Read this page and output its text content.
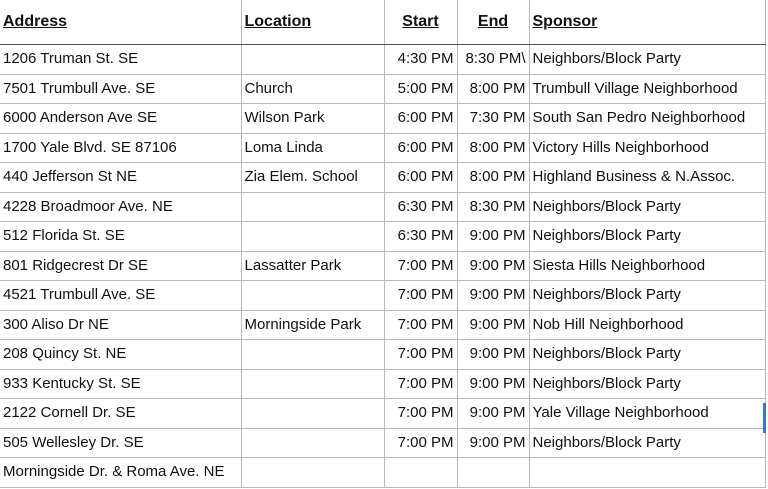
Address	Location	Start	End	Sponsor
1206 Truman St. SE		4:30 PM	8:30 PM\	Neighbors/Block Party
7501 Trumbull Ave. SE	Church	5:00 PM	8:00 PM	Trumbull Village Neighborhood
6000 Anderson Ave SE	Wilson Park	6:00 PM	7:30 PM	South San Pedro Neighborhood
1700 Yale Blvd. SE 87106	Loma Linda	6:00 PM	8:00 PM	Victory Hills Neighborhood
440 Jefferson St NE	Zia Elem. School	6:00 PM	8:00 PM	Highland Business & N.Assoc.
4228 Broadmoor Ave. NE		6:30 PM	8:30 PM	Neighbors/Block Party
512 Florida St. SE		6:30 PM	9:00 PM	Neighbors/Block Party
801 Ridgecrest Dr SE	Lassatter Park	7:00 PM	9:00 PM	Siesta Hills Neighborhood
4521 Trumbull Ave. SE		7:00 PM	9:00 PM	Neighbors/Block Party
300 Aliso Dr NE	Morningside Park	7:00 PM	9:00 PM	Nob Hill Neighborhood
208 Quincy St. NE		7:00 PM	9:00 PM	Neighbors/Block Party
933 Kentucky St. SE		7:00 PM	9:00 PM	Neighbors/Block Party
2122 Cornell Dr. SE		7:00 PM	9:00 PM	Yale Village Neighborhood
505 Wellesley Dr. SE		7:00 PM	9:00 PM	Neighbors/Block Party
Morningside Dr. & Roma Ave. NE				
